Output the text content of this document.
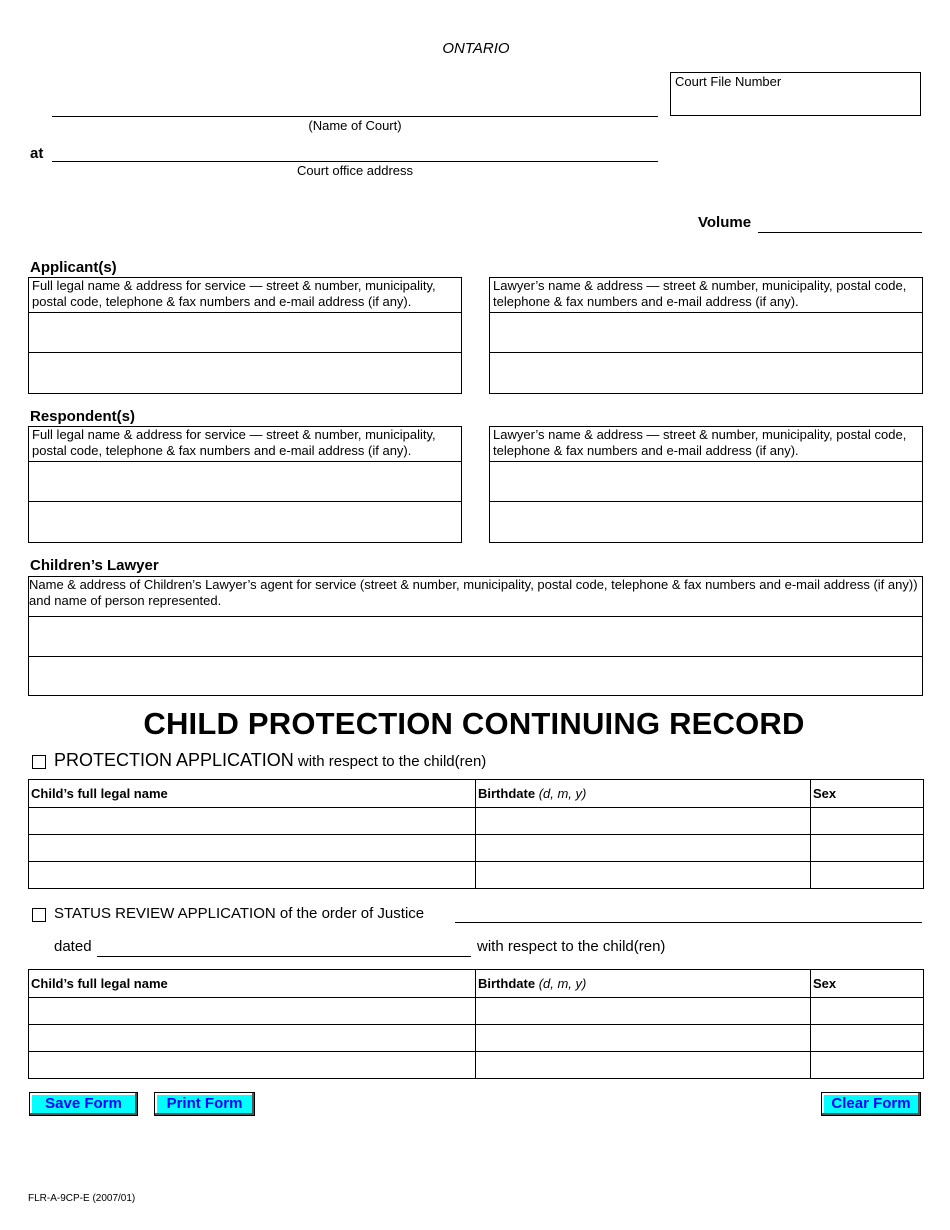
ONTARIO
Court File Number
(Name of Court)
at
Court office address
Volume
Applicant(s)
Full legal name & address for service — street & number, municipality, postal code, telephone & fax numbers and e-mail address (if any).
Lawyer’s name & address — street & number, municipality, postal code, telephone & fax numbers and e-mail address (if any).
Respondent(s)
Full legal name & address for service — street & number, municipality, postal code, telephone & fax numbers and e-mail address (if any).
Lawyer’s name & address — street & number, municipality, postal code, telephone & fax numbers and e-mail address (if any).
Children’s Lawyer
Name & address of Children’s Lawyer’s agent for service (street & number, municipality, postal code, telephone & fax numbers and e-mail address (if any)) and name of person represented.
CHILD PROTECTION CONTINUING RECORD
PROTECTION APPLICATION with respect to the child(ren)
Child’s full legal name	Birthdate (d, m, y)	Sex

STATUS REVIEW APPLICATION of the order of Justice
dated	with respect to the child(ren)
Child’s full legal name	Birthdate (d, m, y)	Sex

Save Form	Print Form	Clear Form
FLR-A-9CP-E (2007/01)
